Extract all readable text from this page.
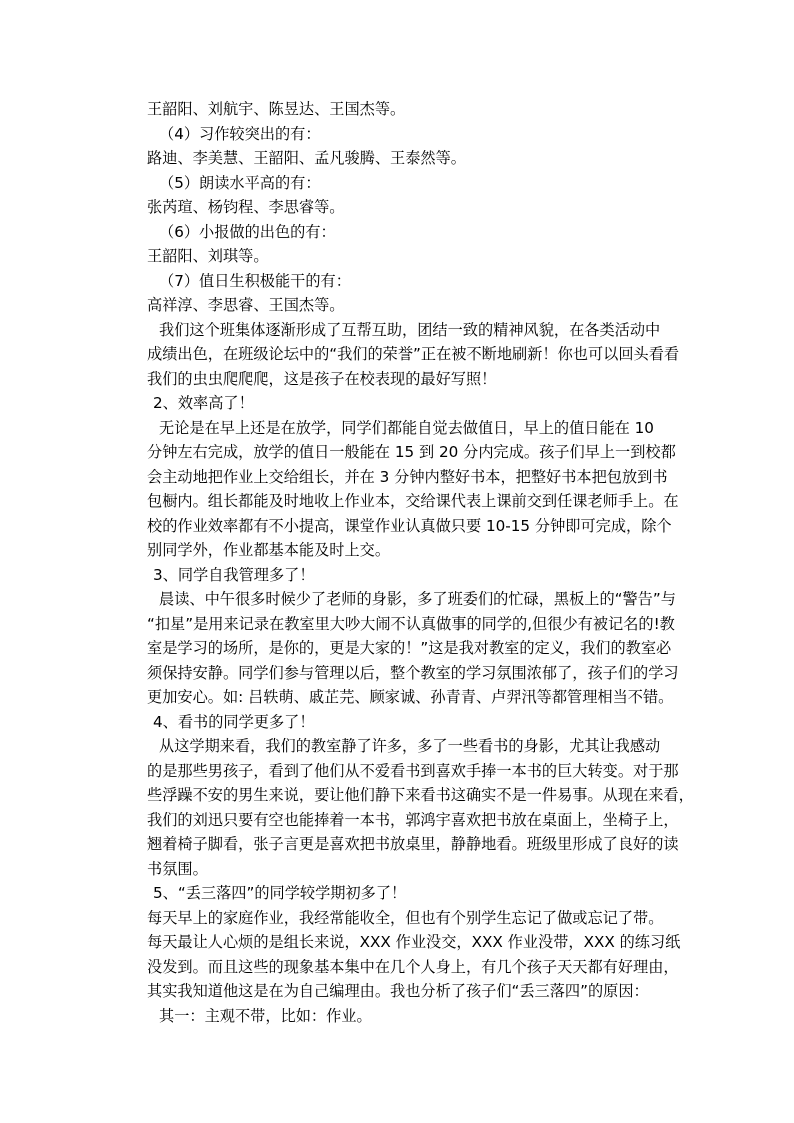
王韶阳、刘航宇、陈昱达、王国杰等。
（4）习作较突出的有：
路迪、李美慧、王韶阳、孟凡骏腾、王泰然等。
（5）朗读水平高的有：
张芮瑄、杨钧程、李思睿等。
（6）小报做的出色的有：
王韶阳、刘琪等。
（7）值日生积极能干的有：
高祥淳、李思睿、王国杰等。
我们这个班集体逐渐形成了互帮互助，团结一致的精神风貌，在各类活动中
成绩出色，在班级论坛中的“我们的荣誉”正在被不断地刷新！你也可以回头看看
我们的虫虫爬爬爬，这是孩子在校表现的最好写照！
2、效率高了！
无论是在早上还是在放学，同学们都能自觉去做值日，早上的值日能在 10
分钟左右完成，放学的值日一般能在 15 到 20 分内完成。孩子们早上一到校都
会主动地把作业上交给组长，并在 3 分钟内整好书本，把整好书本把包放到书
包橱内。组长都能及时地收上作业本，交给课代表上课前交到任课老师手上。在
校的作业效率都有不小提高，课堂作业认真做只要 10-15 分钟即可完成，除个
别同学外，作业都基本能及时上交。
3、同学自我管理多了！
晨读、中午很多时候少了老师的身影，多了班委们的忙碌，黑板上的“警告”与
“扣星”是用来记录在教室里大吵大闹不认真做事的同学的,但很少有被记名的!教
室是学习的场所，是你的，更是大家的！”这是我对教室的定义，我们的教室必
须保持安静。同学们参与管理以后，整个教室的学习氛围浓郁了，孩子们的学习
更加安心。如: 吕轶萌、戚芷芫、顾家诚、孙青青、卢羿汛等都管理相当不错。
4、看书的同学更多了！
从这学期来看，我们的教室静了许多，多了一些看书的身影，尤其让我感动
的是那些男孩子，看到了他们从不爱看书到喜欢手捧一本书的巨大转变。对于那
些浮躁不安的男生来说，要让他们静下来看书这确实不是一件易事。从现在来看，
我们的刘迅只要有空也能捧着一本书，郭鸿宇喜欢把书放在桌面上，坐椅子上，
翘着椅子脚看，张子言更是喜欢把书放桌里，静静地看。班级里形成了良好的读
书氛围。
5、“丢三落四”的同学较学期初多了！
每天早上的家庭作业，我经常能收全，但也有个别学生忘记了做或忘记了带。
每天最让人心烦的是组长来说，XXX 作业没交，XXX 作业没带，XXX 的练习纸
没发到。而且这些的现象基本集中在几个人身上，有几个孩子天天都有好理由，
其实我知道他这是在为自己编理由。我也分析了孩子们“丢三落四”的原因：
其一：主观不带，比如：作业。
